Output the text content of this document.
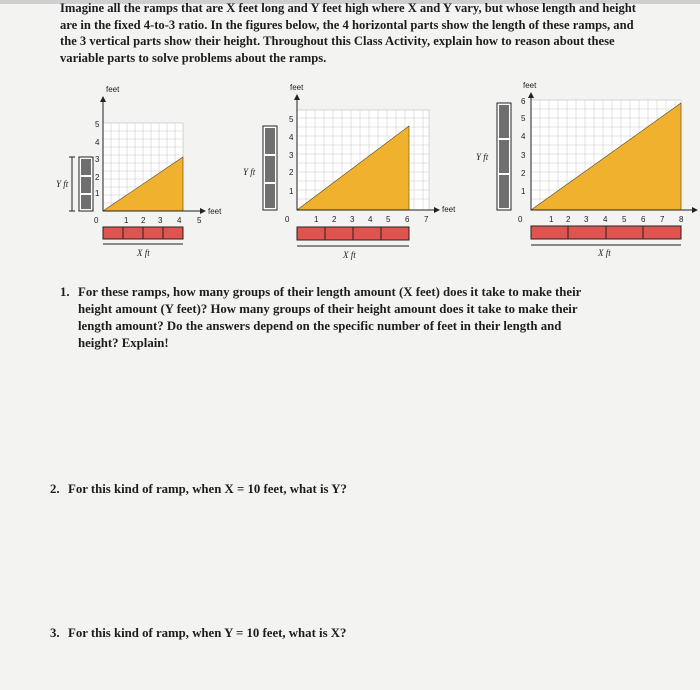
Imagine all the ramps that are X feet long and Y feet high where X and Y vary, but whose length and height are in the fixed 4-to-3 ratio. In the figures below, the 4 horizontal parts show the length of these ramps, and the 3 vertical parts show their height. Throughout this Class Activity, explain how to reason about these variable parts to solve problems about the ramps.

feet
feet
1
2
3
4
5
0	1 2 3 4 5
Y ft
X ft
feet
feet
1
2
3
4
5
0	1 2 3 4 5 6 7
Y ft
X ft
feet
1
2
3
4
5
6
0	1 2 3 4 5 6 7 8
Y ft
X ft

1. For these ramps, how many groups of their length amount (X feet) does it take to make their height amount (Y feet)? How many groups of their height amount does it take to make their length amount? Do the answers depend on the specific number of feet in their length and height? Explain!

2. For this kind of ramp, when X = 10 feet, what is Y?

3. For this kind of ramp, when Y = 10 feet, what is X?
